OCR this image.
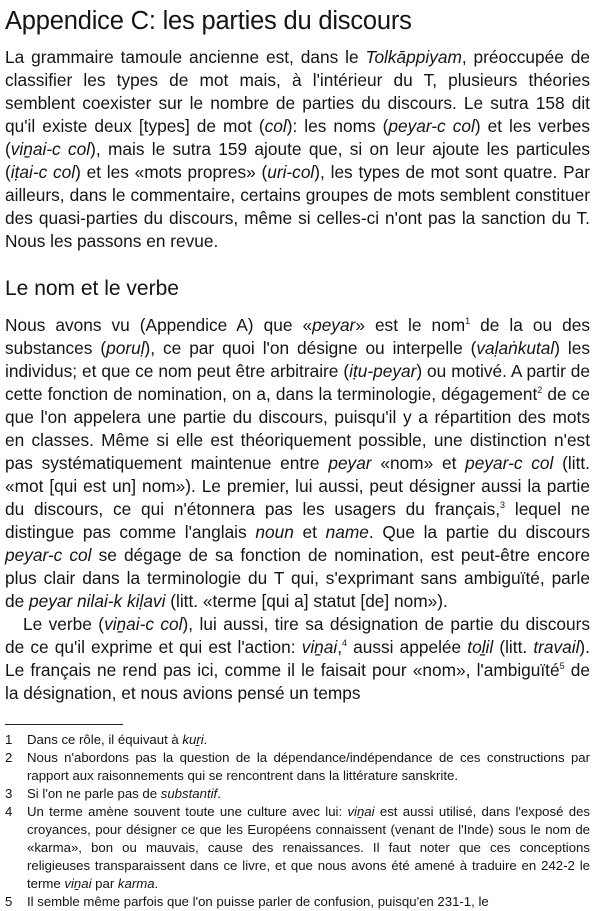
Appendice C: les parties du discours

La grammaire tamoule ancienne est, dans le Tolkāppiyam, préoccupée de classifier les types de mot mais, à l'intérieur du T, plusieurs théories semblent coexister sur le nombre de parties du discours. Le sutra 158 dit qu'il existe deux [types] de mot (col): les noms (peyar-c col) et les verbes (viṉai-c col), mais le sutra 159 ajoute que, si on leur ajoute les particules (iṭai-c col) et les «mots propres» (uri-col), les types de mot sont quatre. Par ailleurs, dans le commentaire, certains groupes de mots semblent constituer des quasi-parties du discours, même si celles-ci n'ont pas la sanction du T. Nous les passons en revue.

Le nom et le verbe

Nous avons vu (Appendice A) que «peyar» est le nom$^1$ de la ou des substances (poruḷ), ce par quoi l'on désigne ou interpelle (vaḷaṅkutal) les individus; et que ce nom peut être arbitraire (iṭu-peyar) ou motivé. A partir de cette fonction de nomination, on a, dans la terminologie, dégagement$^2$ de ce que l'on appelera une partie du discours, puisqu'il y a répartition des mots en classes. Même si elle est théoriquement possible, une distinction n'est pas systématiquement maintenue entre peyar «nom» et peyar-c col (litt. «mot [qui est un] nom»). Le premier, lui aussi, peut désigner aussi la partie du discours, ce qui n'étonnera pas les usagers du français,$^3$ lequel ne distingue pas comme l'anglais noun et name. Que la partie du discours peyar-c col se dégage de sa fonction de nomination, est peut-être encore plus clair dans la terminologie du T qui, s'exprimant sans ambiguïté, parle de peyar nilai-k kiḷavi (litt. «terme [qui a] statut [de] nom»).

Le verbe (viṉai-c col), lui aussi, tire sa désignation de partie du discours de ce qu'il exprime et qui est l'action: viṉai,$^4$ aussi appelée toḻil (litt. travail). Le français ne rend pas ici, comme il le faisait pour «nom», l'ambiguïté$^5$ de la désignation, et nous avions pensé un temps

1	Dans ce rôle, il équivaut à kuṟi.
2	Nous n'abordons pas la question de la dépendance/indépendance de ces constructions par rapport aux raisonnements qui se rencontrent dans la littérature sanskrite.
3	Si l'on ne parle pas de substantif.
4	Un terme amène souvent toute une culture avec lui: viṉai est aussi utilisé, dans l'exposé des croyances, pour désigner ce que les Européens connaissent (venant de l'Inde) sous le nom de «karma», bon ou mauvais, cause des renaissances. Il faut noter que ces conceptions religieuses transparaissent dans ce livre, et que nous avons été amené à traduire en 242-2 le terme viṉai par karma.
5	Il semble même parfois que l'on puisse parler de confusion, puisqu'en 231-1, le
